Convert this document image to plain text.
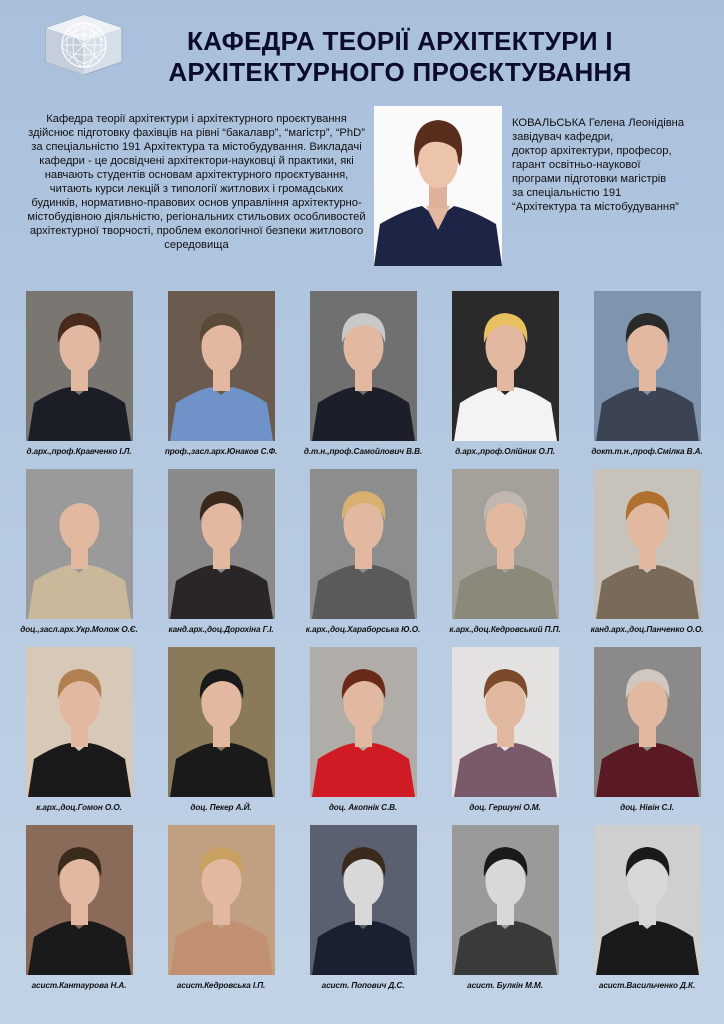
КАФЕДРА ТЕОРІЇ АРХІТЕКТУРИ І
АРХІТЕКТУРНОГО ПРОЄКТУВАННЯ
Кафедра теорії архітектури і архітектурного проєктування здійснює підготовку фахівців на рівні “бакалавр”, “магістр”, “PhD” за спеціальністю 191 Архітектура та містобудування. Викладачі кафедри - це досвідчені архітектори-науковці й практики, які навчають студентів основам архітектурного проєктування, читають курси лекцій з типології житлових і громадських будинків, нормативно-правових основ управління архітектурно-містобудівною діяльністю, регіональних стильових особливостей архітектурної творчості, проблем екологічної безпеки житлового середовища
КОВАЛЬСЬКА Гелена Леонідівна
завідувач кафедри,
доктор архітектури, професор,
гарант освітньо-наукової
програми підготовки магістрів
за спеціальністю 191
“Архітектура та містобудування”
д.арх.,проф.Кравченко І.Л.	проф.,засл.арх.Юнаков С.Ф.	д.т.н.,проф.Самойлович В.В.	д.арх.,проф.Олійник О.П.	докт.т.н.,проф.Смілка В.А.
доц.,засл.арх.Укр.Молож О.Є.	канд.арх.,доц.Дорохіна Г.І.	к.арх.,доц.Харабор​ська Ю.О.	к.арх.,доц.Кедровський П.П.	канд.арх.,доц.Панченко О.О.
к.арх.,доц.Гомон О.О.	доц. Пекер А.Й.	доц. Акопнік С.В.	доц. Гершуні О.М.	доц. Нівін С.І.
асист.Кантаурова Н.А.	асист.Кедровська І.П.	асист. Попович Д.С.	асист. Булкін М.М.	асист.Васильченко Д.К.
